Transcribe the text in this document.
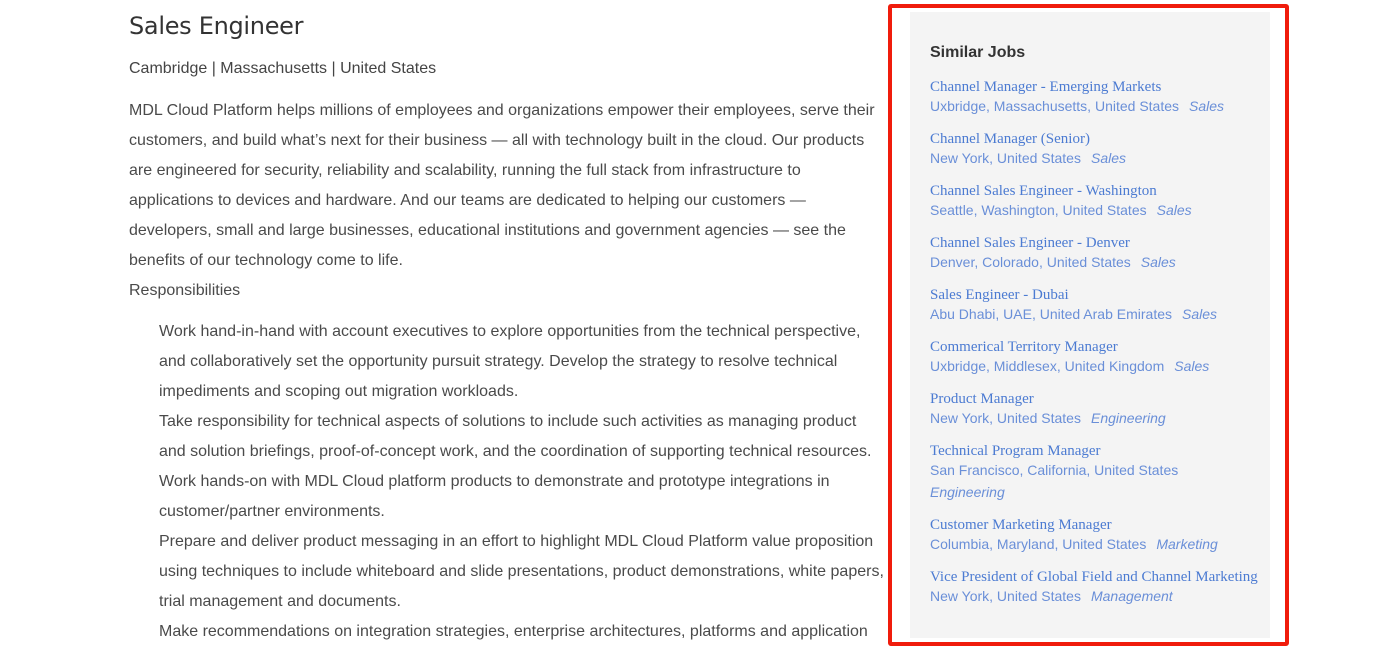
Sales Engineer
Cambridge | Massachusetts | United States

MDL Cloud Platform helps millions of employees and organizations empower their employees, serve their customers, and build what’s next for their business — all with technology built in the cloud. Our products are engineered for security, reliability and scalability, running the full stack from infrastructure to applications to devices and hardware. And our teams are dedicated to helping our customers — developers, small and large businesses, educational institutions and government agencies — see the benefits of our technology come to life.

Responsibilities
Work hand-in-hand with account executives to explore opportunities from the technical perspective, and collaboratively set the opportunity pursuit strategy. Develop the strategy to resolve technical impediments and scoping out migration workloads.
Take responsibility for technical aspects of solutions to include such activities as managing product and solution briefings, proof-of-concept work, and the coordination of supporting technical resources.
Work hands-on with MDL Cloud platform products to demonstrate and prototype integrations in customer/partner environments.
Prepare and deliver product messaging in an effort to highlight MDL Cloud Platform value proposition using techniques to include whiteboard and slide presentations, product demonstrations, white papers, trial management and documents.
Make recommendations on integration strategies, enterprise architectures, platforms and application
Similar Jobs
Channel Manager - Emerging Markets
Uxbridge, Massachusetts, United States Sales
Channel Manager (Senior)
New York, United States Sales
Channel Sales Engineer - Washington
Seattle, Washington, United States Sales
Channel Sales Engineer - Denver
Denver, Colorado, United States Sales
Sales Engineer - Dubai
Abu Dhabi, UAE, United Arab Emirates Sales
Commerical Territory Manager
Uxbridge, Middlesex, United Kingdom Sales
Product Manager
New York, United States Engineering
Technical Program Manager
San Francisco, California, United States
Engineering
Customer Marketing Manager
Columbia, Maryland, United States Marketing
Vice President of Global Field and Channel Marketing
New York, United States Management
